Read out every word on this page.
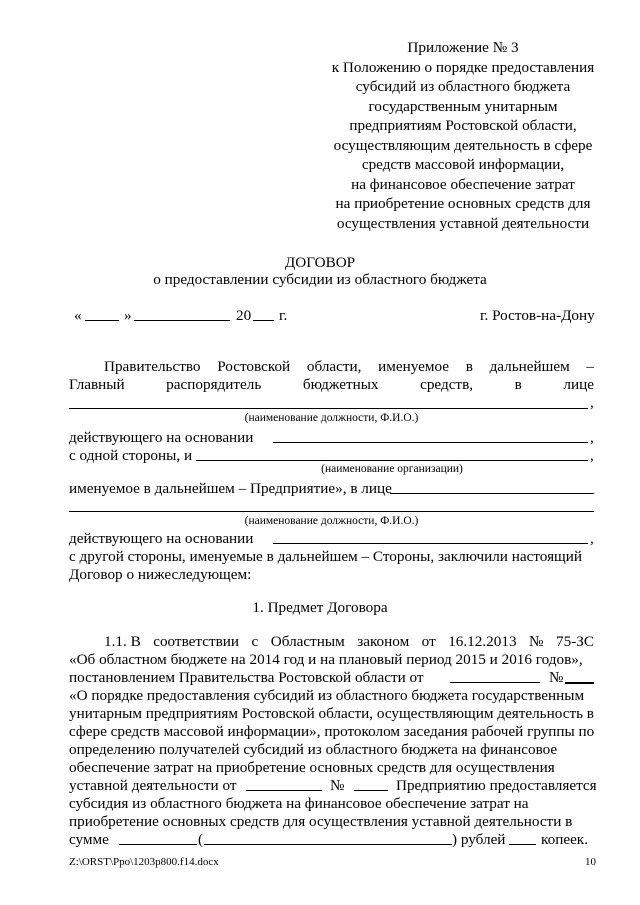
Приложение № 3
к Положению о порядке предоставления
субсидий из областного бюджета
государственным унитарным
предприятиям Ростовской области,
осуществляющим деятельность в сфере
средств массовой информации,
на финансовое обеспечение затрат
на приобретение основных средств для
осуществления уставной деятельности
ДОГОВОР
о предоставлении субсидии из областного бюджета
«	»	20 г.	г. Ростов-на-Дону
Правительство Ростовской области, именуемое в дальнейшем –
Главный	распорядитель	бюджетных	средств,	в	лице
,
(наименование должности, Ф.И.О.)
действующего на основании	,
с одной стороны, и	,
(наименование организации)
именуемое в дальнейшем – Предприятие», в лице
(наименование должности, Ф.И.О.)
действующего на основании	,
с другой стороны, именуемые в дальнейшем – Стороны, заключили настоящий
Договор о нижеследующем:
1. Предмет Договора
1.1. В соответствии с Областным законом от 16.12.2013 № 75-ЗС
«Об областном бюджете на 2014 год и на плановый период 2015 и 2016 годов»,
постановлением Правительства Ростовской области от	№
«О порядке предоставления субсидий из областного бюджета государственным
унитарным предприятиям Ростовской области, осуществляющим деятельность в
сфере средств массовой информации», протоколом заседания рабочей группы по
определению получателей субсидий из областного бюджета на финансовое
обеспечение затрат на приобретение основных средств для осуществления
уставной деятельности от	№	Предприятию предоставляется
субсидия из областного бюджета на финансовое обеспечение затрат на
приобретение основных средств для осуществления уставной деятельности в
сумме	(	) рублей копеек.
Z:\ORST\Ppo\1203p800.f14.docx	10
